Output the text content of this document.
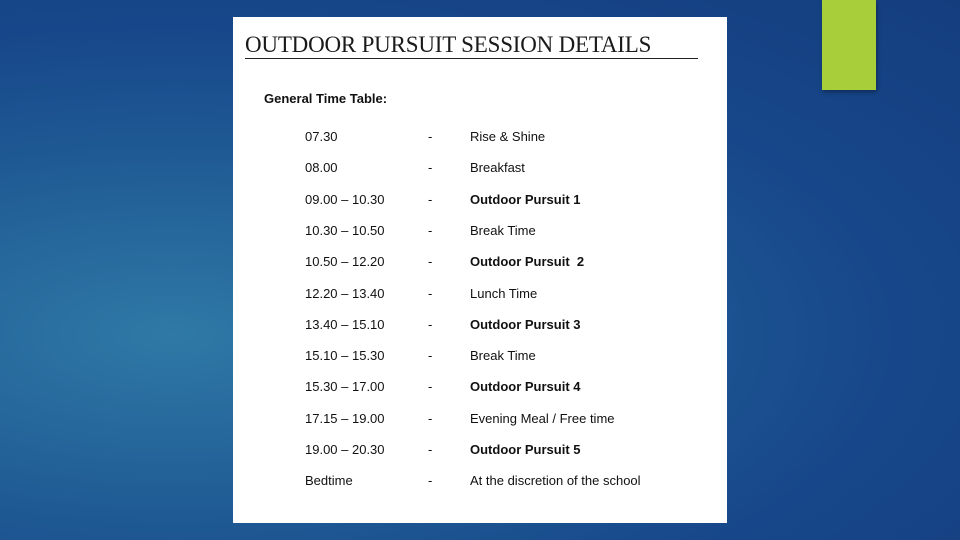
OUTDOOR PURSUIT SESSION DETAILS
General Time Table:
07.30	-	Rise & Shine
08.00	-	Breakfast
09.00 – 10.30	-	Outdoor Pursuit 1
10.30 – 10.50	-	Break Time
10.50 – 12.20	-	Outdoor Pursuit  2
12.20 – 13.40	-	Lunch Time
13.40 – 15.10	-	Outdoor Pursuit 3
15.10 – 15.30	-	Break Time
15.30 – 17.00	-	Outdoor Pursuit 4
17.15 – 19.00	-	Evening Meal / Free time
19.00 – 20.30	-	Outdoor Pursuit 5
Bedtime	-	At the discretion of the school
